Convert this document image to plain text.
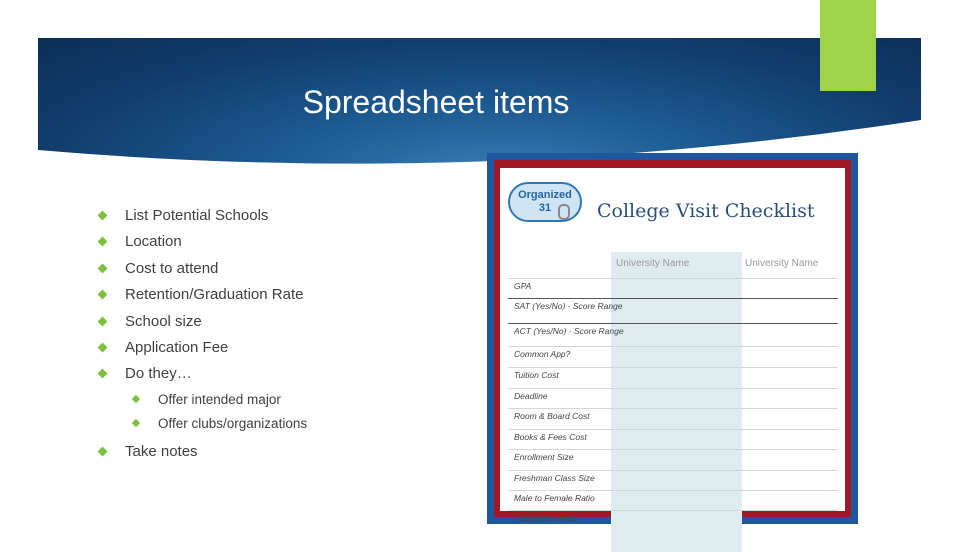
Spreadsheet items
List Potential Schools
Location
Cost to attend
Retention/Graduation Rate
School size
Application Fee
Do they…
Offer intended major
Offer clubs/organizations
Take notes
Organized
31	College Visit Checklist
University Name	University Name
GPA
SAT (Yes/No) · Score Range
ACT (Yes/No) · Score Range
Common App?
Tuition Cost
Deadline
Room & Board Cost
Books & Fees Cost
Enrollment Size
Freshman Class Size
Male to Female Ratio
Acceptance Rate
